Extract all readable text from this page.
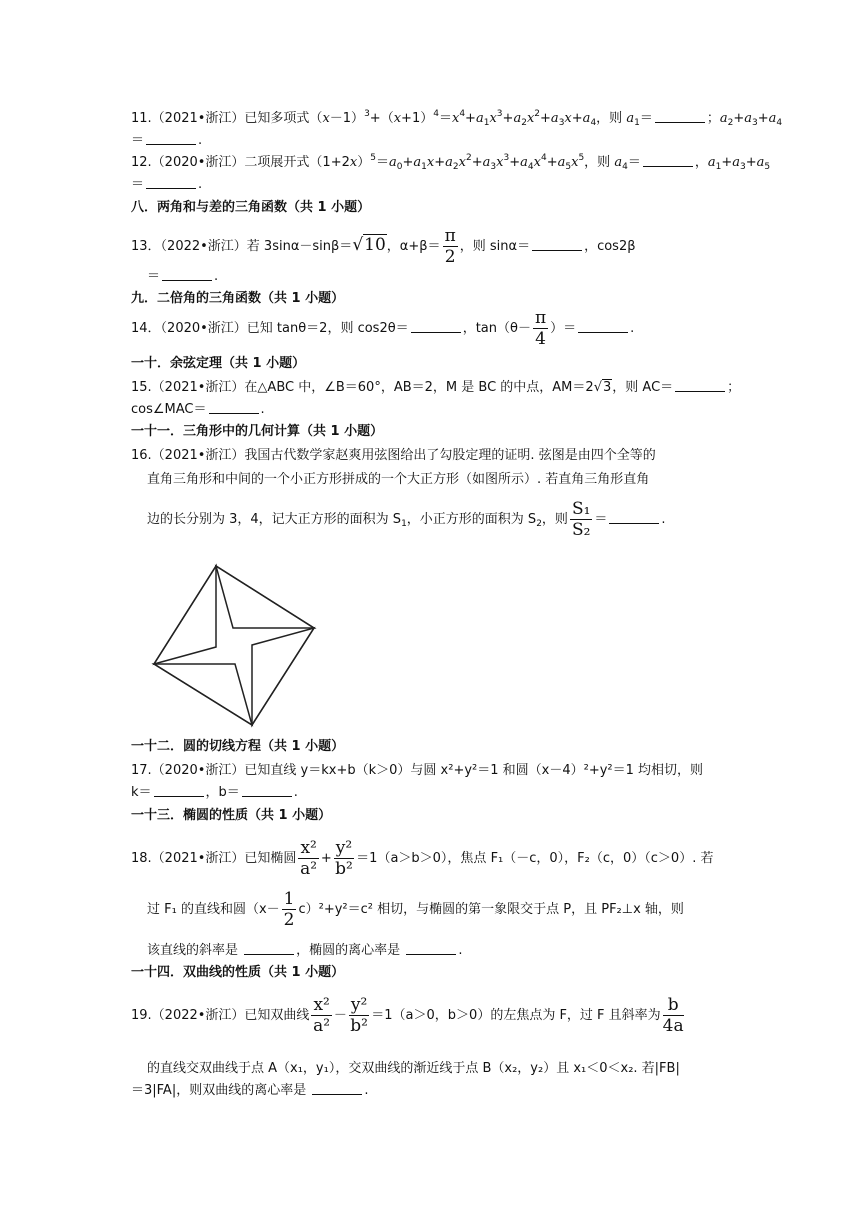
11.（2021•浙江）已知多项式$(x-1)^3+(x+1)^4=x^4+a_1x^3+a_2x^2+a_3x+a_4$，则 $a_1=$	；$a_2+a_3+a_4$
＝	.
12.（2020•浙江）二项展开式$(1+2x)^5=a_0+a_1x+a_2x^2+a_3x^3+a_4x^4+a_5x^5$，则 $a_4=$	，$a_1+a_3+a_5$
＝	.
八．两角和与差的三角函数（共 1 小题）
13．（2022•浙江）若 3sinα－sinβ＝√10，$\alpha+\beta= \frac{\pi}{2}$ ，则 sinα＝	，cos2β
＝	.
九．二倍角的三角函数（共 1 小题）
14．（2020•浙江）已知 tanθ＝2，则 cos2θ＝	，$\tan(\theta- \frac{\pi}{4}$ ）＝	.
一十．余弦定理（共 1 小题）
15.（2021•浙江）在△ABC 中，∠B＝60°，AB＝2，M 是 BC 的中点，AM＝2√3，则 AC＝	；
cos∠MAC＝	.
一十一．三角形中的几何计算（共 1 小题）
16.（2021•浙江）我国古代数学家赵爽用弦图给出了勾股定理的证明. 弦图是由四个全等的
直角三角形和中间的一个小正方形拼成的一个大正方形（如图所示）. 若直角三角形直角
边的长分别为 3，4，记大正方形的面积为 $S_1$，小正方形的面积为 $S_2$，则 $\frac{\text{S₁}}{\text{S₂}}$ ＝	.
一十二．圆的切线方程（共 1 小题）
17.（2020•浙江）已知直线 y＝kx+b（k＞0）与圆 x²+y²＝1 和圆（x－4）²+y²＝1 均相切，则
k＝	，b＝	.
一十三．椭圆的性质（共 1 小题）
18.（2021•浙江）已知椭圆 $\frac{\text{x²}}{\text{a²}} + \frac{\text{y²}}{\text{b²}} =1(a>b>0)$，焦点 F₁（－c，0），F₂（c，0）（c＞0）. 若
过 F₁ 的直线和圆$(x- \frac{1}{2} c)^2+y^2=c^2$ 相切，与椭圆的第一象限交于点 P，且 PF₂⊥x 轴，则
该直线的斜率是	，椭圆的离心率是	.
一十四．双曲线的性质（共 1 小题）
19.（2022•浙江）已知双曲线 $\frac{\text{x²}}{\text{a²}} - \frac{\text{y²}}{\text{b²}} =1(a>0$，b＞0）的左焦点为 F，过 F 且斜率为 $\frac{b}{4a}$
的直线交双曲线于点 A（x₁，y₁），交双曲线的渐近线于点 B（x₂，y₂）且 x₁＜0＜x₂. 若|FB|
＝3|FA|，则双曲线的离心率是	.
